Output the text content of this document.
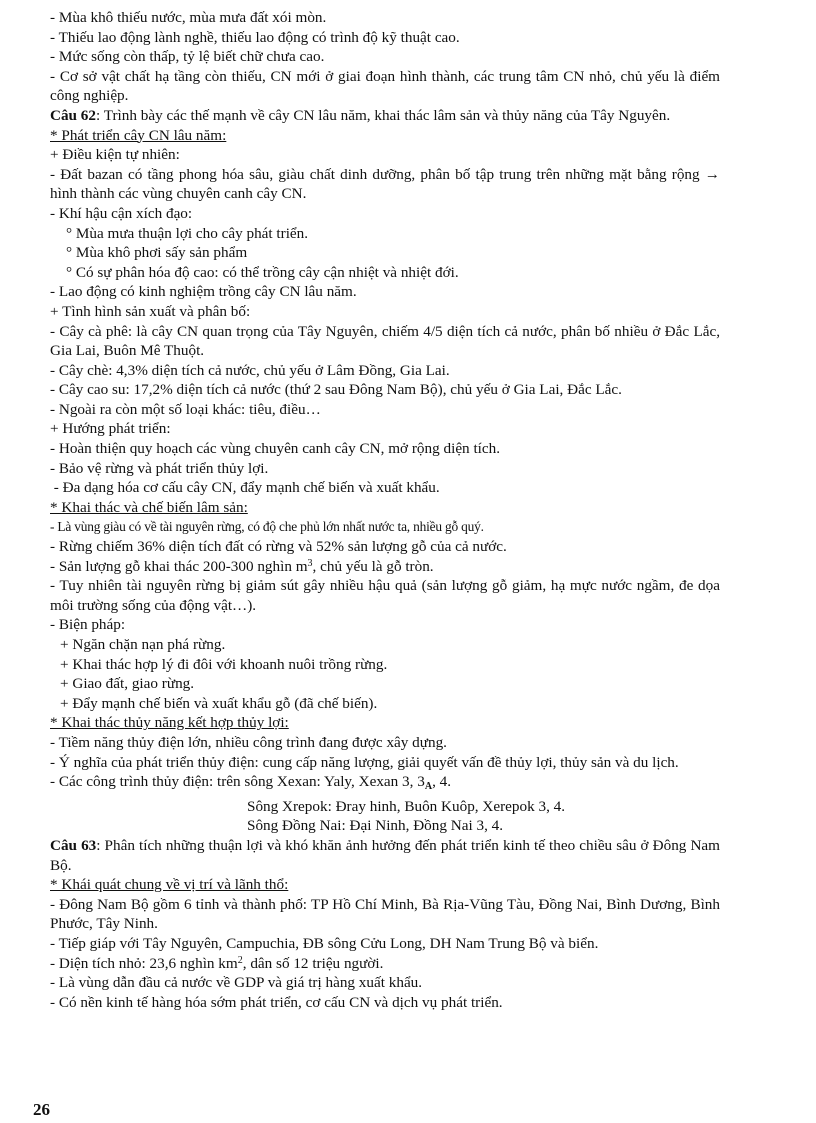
- Mùa khô thiếu nước, mùa mưa đất xói mòn.
- Thiếu lao động lành nghề, thiếu lao động có trình độ kỹ thuật cao.
- Mức sống còn thấp, tỷ lệ biết chữ chưa cao.
- Cơ sở vật chất hạ tầng còn thiếu, CN mới ở giai đoạn hình thành, các trung tâm CN nhỏ, chủ yếu là điểm công nghiệp.
Câu 62: Trình bày các thế mạnh về cây CN lâu năm, khai thác lâm sản và thủy năng của Tây Nguyên.
* Phát triển cây CN lâu năm:
+ Điều kiện tự nhiên:
- Đất bazan có tầng phong hóa sâu, giàu chất dinh dưỡng, phân bố tập trung trên những mặt bằng rộng → hình thành các vùng chuyên canh cây CN.
- Khí hậu cận xích đạo:
° Mùa mưa thuận lợi cho cây phát triển.
° Mùa khô phơi sấy sản phẩm
° Có sự phân hóa độ cao: có thể trồng cây cận nhiệt và nhiệt đới.
- Lao động có kinh nghiệm trồng cây CN lâu năm.
+ Tình hình sản xuất và phân bố:
- Cây cà phê: là cây CN quan trọng của Tây Nguyên, chiếm 4/5 diện tích cả nước, phân bố nhiều ở Đắc Lắc, Gia Lai, Buôn Mê Thuột.
- Cây chè: 4,3% diện tích cả nước, chủ yếu ở Lâm Đồng, Gia Lai.
- Cây cao su: 17,2% diện tích cả nước (thứ 2 sau Đông Nam Bộ), chủ yếu ở Gia Lai, Đắc Lắc.
- Ngoài ra còn một số loại khác: tiêu, điều…
+ Hướng phát triển:
- Hoàn thiện quy hoạch các vùng chuyên canh cây CN, mở rộng diện tích.
- Bảo vệ rừng và phát triển thủy lợi.
- Đa dạng hóa cơ cấu cây CN, đẩy mạnh chế biến và xuất khẩu.
* Khai thác và chế biến lâm sản:
- Là vùng giàu có về tài nguyên rừng, có độ che phủ lớn nhất nước ta, nhiều gỗ quý.
- Rừng chiếm 36% diện tích đất có rừng và 52% sản lượng gỗ của cả nước.
- Sản lượng gỗ khai thác 200-300 nghìn $m^3$, chủ yếu là gỗ tròn.
- Tuy nhiên tài nguyên rừng bị giảm sút gây nhiều hậu quả (sản lượng gỗ giảm, hạ mực nước ngầm, đe dọa môi trường sống của động vật…).
- Biện pháp:
+ Ngăn chặn nạn phá rừng.
+ Khai thác hợp lý đi đôi với khoanh nuôi trồng rừng.
+ Giao đất, giao rừng.
+ Đẩy mạnh chế biến và xuất khẩu gỗ (đã chế biến).
* Khai thác thủy năng kết hợp thủy lợi:
- Tiềm năng thủy điện lớn, nhiều công trình đang được xây dựng.
- Ý nghĩa của phát triển thủy điện: cung cấp năng lượng, giải quyết vấn đề thủy lợi, thủy sản và du lịch.
- Các công trình thủy điện: trên sông Xexan: Yaly, Xexan 3, $3_A$, 4.
Sông Xrepok: Đray hinh, Buôn Kuôp, Xerepok 3, 4.
Sông Đồng Nai: Đại Ninh, Đồng Nai 3, 4.
Câu 63: Phân tích những thuận lợi và khó khăn ảnh hưởng đến phát triển kinh tế theo chiều sâu ở Đông Nam Bộ.
* Khái quát chung về vị trí và lãnh thổ:
- Đông Nam Bộ gồm 6 tỉnh và thành phố: TP Hồ Chí Minh, Bà Rịa-Vũng Tàu, Đồng Nai, Bình Dương, Bình Phước, Tây Ninh.
- Tiếp giáp với Tây Nguyên, Campuchia, ĐB sông Cửu Long, DH Nam Trung Bộ và biển.
- Diện tích nhỏ: 23,6 nghìn $km^2$, dân số 12 triệu người.
- Là vùng dẫn đầu cả nước về GDP và giá trị hàng xuất khẩu.
- Có nền kinh tế hàng hóa sớm phát triển, cơ cấu CN và dịch vụ phát triển.
26
